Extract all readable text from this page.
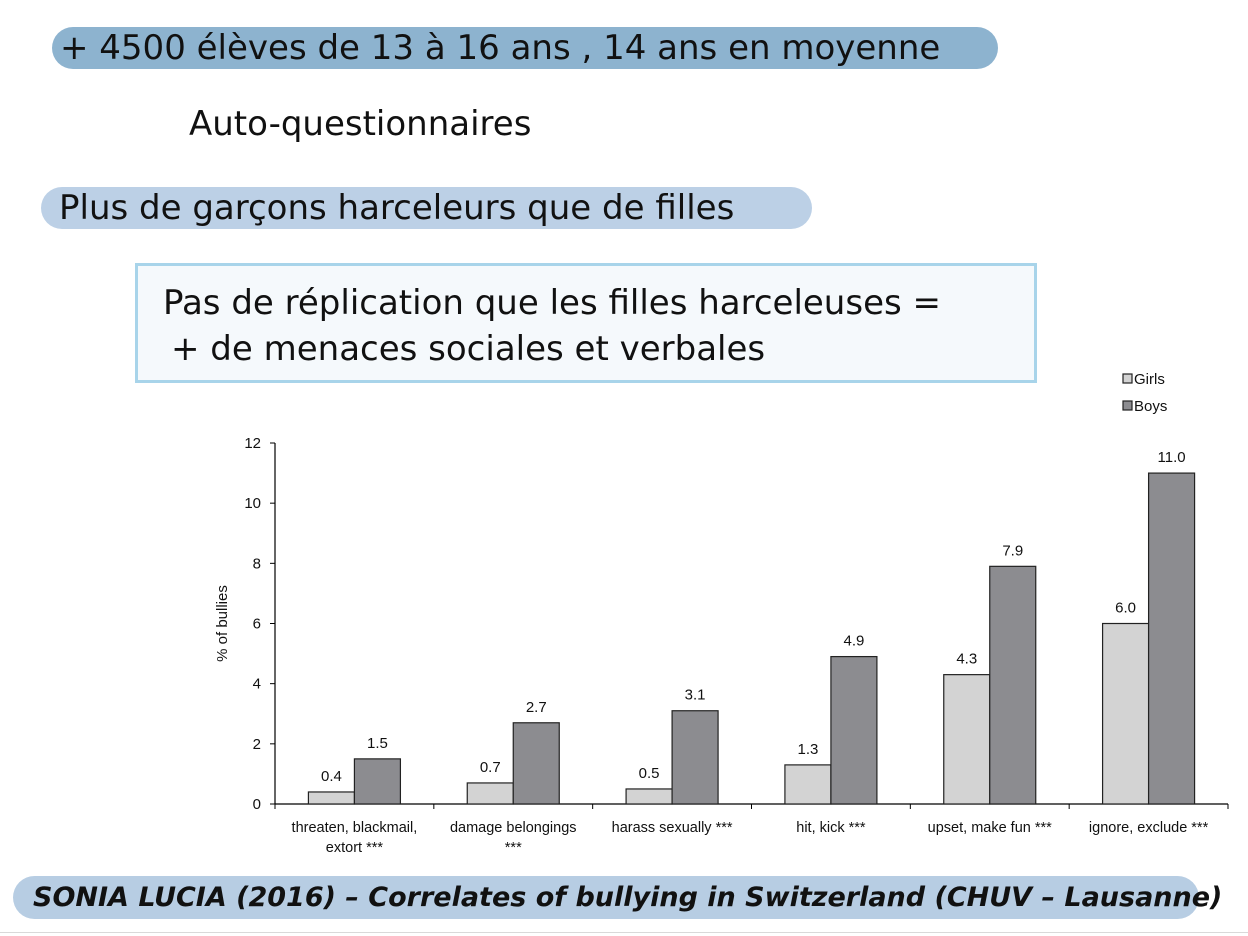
+ 4500 élèves de 13 à 16 ans , 14 ans en moyenne
Auto-questionnaires
Plus de garçons harceleurs que de filles
Pas de réplication que les filles harceleuses =
+ de menaces sociales et verbales
0
2
4
6
8
10
12
% of bullies
0.4
1.5
threaten, blackmail,
extort ***
0.7
2.7
damage belongings
***
0.5
3.1
harass sexually ***
1.3
4.9
hit, kick ***
4.3
7.9
upset, make fun ***
6.0
11.0
ignore, exclude ***
Girls
Boys
SONIA LUCIA (2016) – Correlates of bullying in Switzerland (CHUV – Lausanne)
